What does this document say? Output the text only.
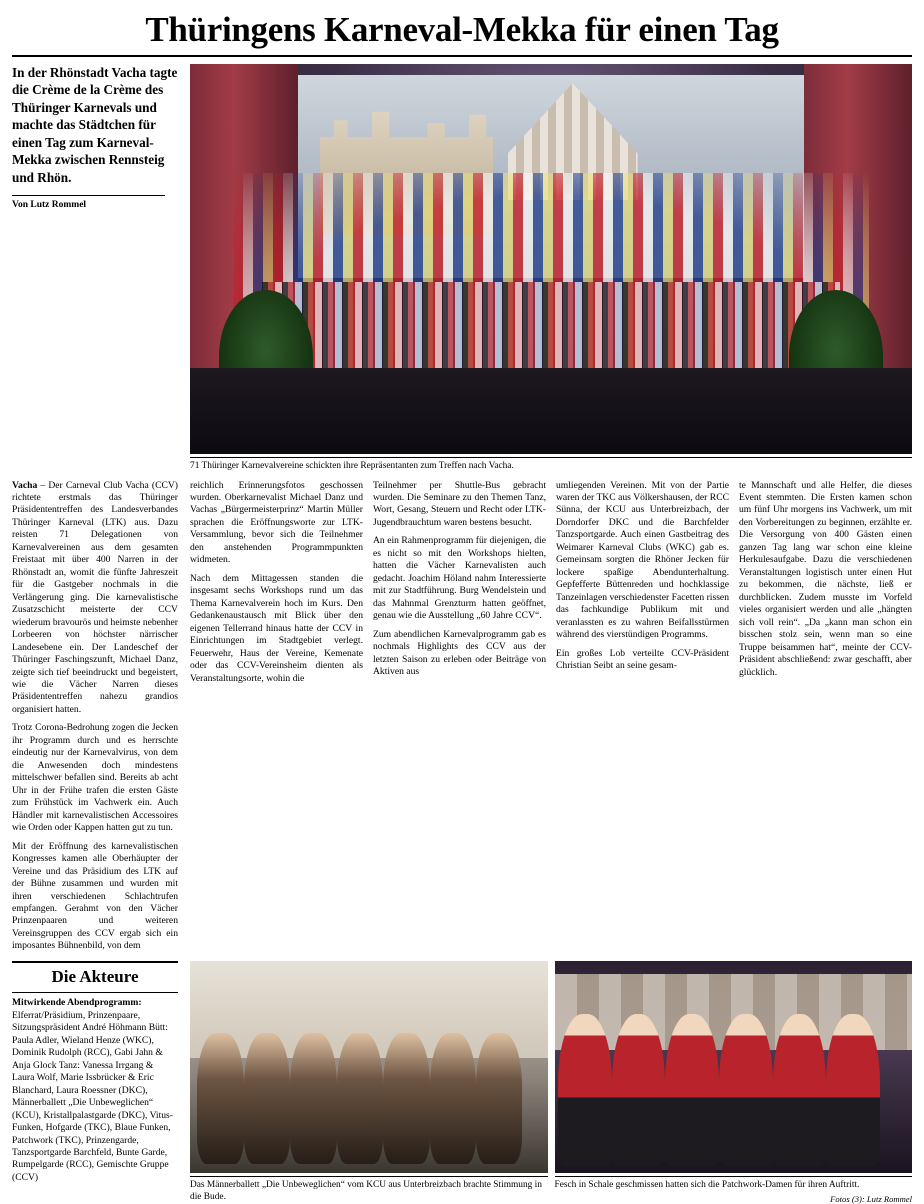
Thüringens Karneval-Mekka für einen Tag
In der Rhönstadt Vacha tagte die Crème de la Crème des Thüringer Karnevals und machte das Städtchen für einen Tag zum Karneval-Mekka zwischen Rennsteig und Rhön.
Von Lutz Rommel
71 Thüringer Karnevalvereine schickten ihre Repräsentanten zum Treffen nach Vacha.

Vacha – Der Carneval Club Vacha (CCV) richtete erstmals das Thüringer Präsidententreffen des Landesverbandes Thüringer Karneval (LTK) aus. Dazu reisten 71 Delegationen von Karnevalvereinen aus dem gesamten Freistaat mit über 400 Narren in der Rhönstadt an, womit die fünfte Jahreszeit für die Gastgeber nochmals in die Verlängerung ging. Die karnevalistische Zusatzschicht meisterte der CCV wiederum bravourös und heimste nebenher Lorbeeren von höchster närrischer Landesebene ein. Der Landeschef der Thüringer Faschingszunft, Michael Danz, zeigte sich tief beeindruckt und begeistert, wie die Vächer Narren dieses Präsidententreffen nahezu grandios organisiert hatten.

Trotz Corona-Bedrohung zogen die Jecken ihr Programm durch und es herrschte eindeutig nur der Karnevalvirus, von dem die Anwesenden doch mindestens mittelschwer befallen sind. Bereits ab acht Uhr in der Frühe trafen die ersten Gäste zum Frühstück im Vachwerk ein. Auch Händler mit karnevalistischen Accessoires wie Orden oder Kappen hatten gut zu tun.

Mit der Eröffnung des karnevalistischen Kongresses kamen alle Oberhäupter der Vereine und das Präsidium des LTK auf der Bühne zusammen und wurden mit ihren verschiedenen Schlachtrufen empfangen. Gerahmt von den Vächer Prinzenpaaren und weiteren Vereinsgruppen des CCV ergab sich ein imposantes Bühnenbild, von dem

reichlich Erinnerungsfotos geschossen wurden. Oberkarnevalist Michael Danz und Vachas „Bürgermeisterprinz“ Martin Müller sprachen die Eröffnungsworte zur LTK-Versammlung, bevor sich die Teilnehmer den anstehenden Programmpunkten widmeten.

Nach dem Mittagessen standen die insgesamt sechs Workshops rund um das Thema Karnevalverein hoch im Kurs. Den Gedankenaustausch mit Blick über den eigenen Tellerrand hinaus hatte der CCV in Einrichtungen im Stadtgebiet verlegt. Feuerwehr, Haus der Vereine, Kemenate oder das CCV-Vereinsheim dienten als Veranstaltungsorte, wohin die

Teilnehmer per Shuttle-Bus gebracht wurden. Die Seminare zu den Themen Tanz, Wort, Gesang, Steuern und Recht oder LTK-Jugendbrauchtum waren bestens besucht.

An ein Rahmenprogramm für diejenigen, die es nicht so mit den Workshops hielten, hatten die Vächer Karnevalisten auch gedacht. Joachim Höland nahm Interessierte mit zur Stadtführung. Burg Wendelstein und das Mahnmal Grenzturm hatten geöffnet, genau wie die Ausstellung „60 Jahre CCV“.

Zum abendlichen Karnevalprogramm gab es nochmals Highlights des CCV aus der letzten Saison zu erleben oder Beiträge von Aktiven aus

umliegenden Vereinen. Mit von der Partie waren der TKC aus Völkershausen, der RCC Sünna, der KCU aus Unterbreizbach, der Dorndorfer DKC und die Barchfelder Tanzsportgarde. Auch einen Gastbeitrag des Weimarer Karneval Clubs (WKC) gab es. Gemeinsam sorgten die Rhöner Jecken für lockere spaßige Abendunterhaltung. Gepfefferte Büttenreden und hochklassige Tanzeinlagen verschiedenster Facetten rissen das fachkundige Publikum mit und veranlassten es zu wahren Beifallsstürmen während des vierstündigen Programms.

Ein großes Lob verteilte CCV-Präsident Christian Seibt an seine gesam-

te Mannschaft und alle Helfer, die dieses Event stemmten. Die Ersten kamen schon um fünf Uhr morgens ins Vachwerk, um mit den Vorbereitungen zu beginnen, erzählte er. Die Versorgung von 400 Gästen einen ganzen Tag lang war schon eine kleine Herkulesaufgabe. Dazu die verschiedenen Veranstaltungen logistisch unter einen Hut zu bekommen, die nächste, ließ er durchblicken. Zudem musste im Vorfeld vieles organisiert werden und alle „hängten sich voll rein“. „Da „kann man schon ein bisschen stolz sein, wenn man so eine Truppe beisammen hat“, meinte der CCV-Präsident abschließend: zwar geschafft, aber glücklich.

Die Akteure
Mitwirkende Abendprogramm:
Elferrat/Präsidium, Prinzenpaare, Sitzungspräsident André Höhmann Bütt: Paula Adler, Wieland Henze (WKC), Dominik Rudolph (RCC), Gabi Jahn & Anja Glock Tanz: Vanessa Irrgang & Laura Wolf, Marie Issbrücker & Eric Blanchard, Laura Roessner (DKC), Männerballett „Die Unbeweglichen“ (KCU), Kristallpalastgarde (DKC), Vitus-Funken, Hofgarde (TKC), Blaue Funken, Patchwork (TKC), Prinzengarde, Tanzsportgarde Barchfeld, Bunte Garde, Rumpelgarde (RCC), Gemischte Gruppe (CCV)
Das Männerballett „Die Unbeweglichen“ vom KCU aus Unterbreizbach brachte Stimmung in die Bude.
Fesch in Schale geschmissen hatten sich die Patchwork-Damen für ihren Auftritt.
Fotos (3): Lutz Rommel
